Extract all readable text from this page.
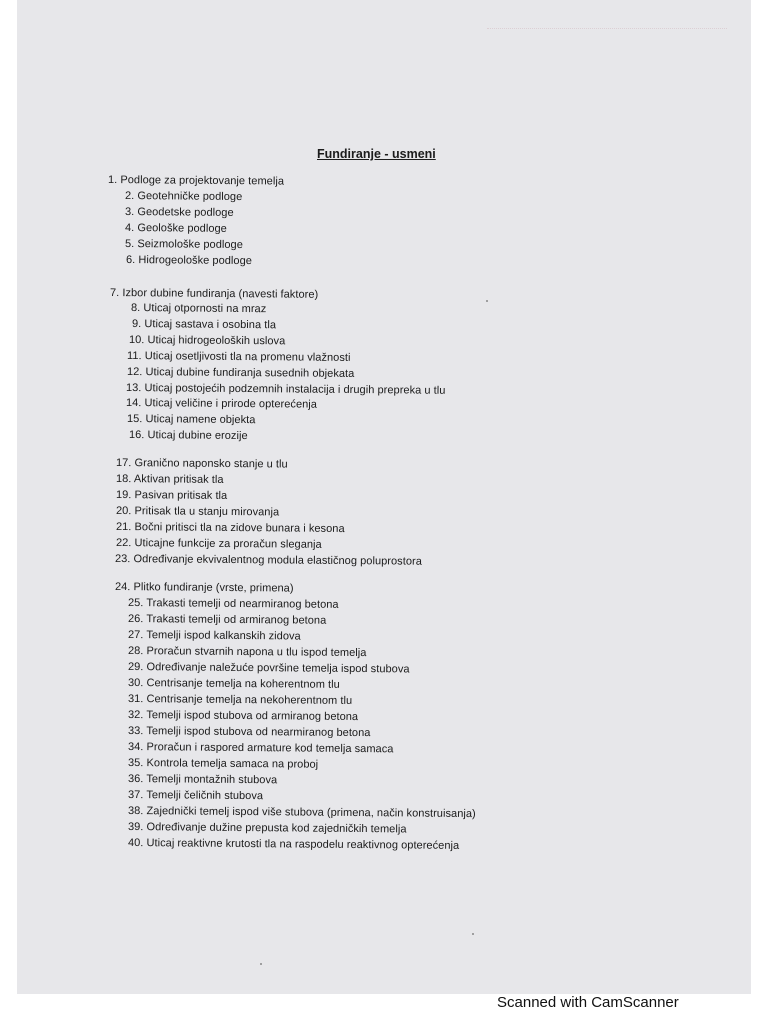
Fundiranje - usmeni
1. Podloge za projektovanje temelja
2. Geotehničke podloge
3. Geodetske podloge
4. Geološke podloge
5. Seizmološke podloge
6. Hidrogeološke podloge
7. Izbor dubine fundiranja (navesti faktore)
8. Uticaj otpornosti na mraz
9. Uticaj sastava i osobina tla
10. Uticaj hidrogeoloških uslova
11. Uticaj osetljivosti tla na promenu vlažnosti
12. Uticaj dubine fundiranja susednih objekata
13. Uticaj postojećih podzemnih instalacija i drugih prepreka u tlu
14. Uticaj veličine i prirode opterećenja
15. Uticaj namene objekta
16. Uticaj dubine erozije
17. Granično naponsko stanje u tlu
18. Aktivan pritisak tla
19. Pasivan pritisak tla
20. Pritisak tla u stanju mirovanja
21. Bočni pritisci tla na zidove bunara i kesona
22. Uticajne funkcije za proračun sleganja
23. Određivanje ekvivalentnog modula elastičnog poluprostora
24. Plitko fundiranje (vrste, primena)
25. Trakasti temelji od nearmiranog betona
26. Trakasti temelji od armiranog betona
27. Temelji ispod kalkanskih zidova
28. Proračun stvarnih napona u tlu ispod temelja
29. Određivanje naležuće površine temelja ispod stubova
30. Centrisanje temelja na koherentnom tlu
31. Centrisanje temelja na nekoherentnom tlu
32. Temelji ispod stubova od armiranog betona
33. Temelji ispod stubova od nearmiranog betona
34. Proračun i raspored armature kod temelja samaca
35. Kontrola temelja samaca na proboj
36. Temelji montažnih stubova
37. Temelji čeličnih stubova
38. Zajednički temelj ispod više stubova (primena, način konstruisanja)
39. Određivanje dužine prepusta kod zajedničkih temelja
40. Uticaj reaktivne krutosti tla na raspodelu reaktivnog opterećenja
Scanned with CamScanner
